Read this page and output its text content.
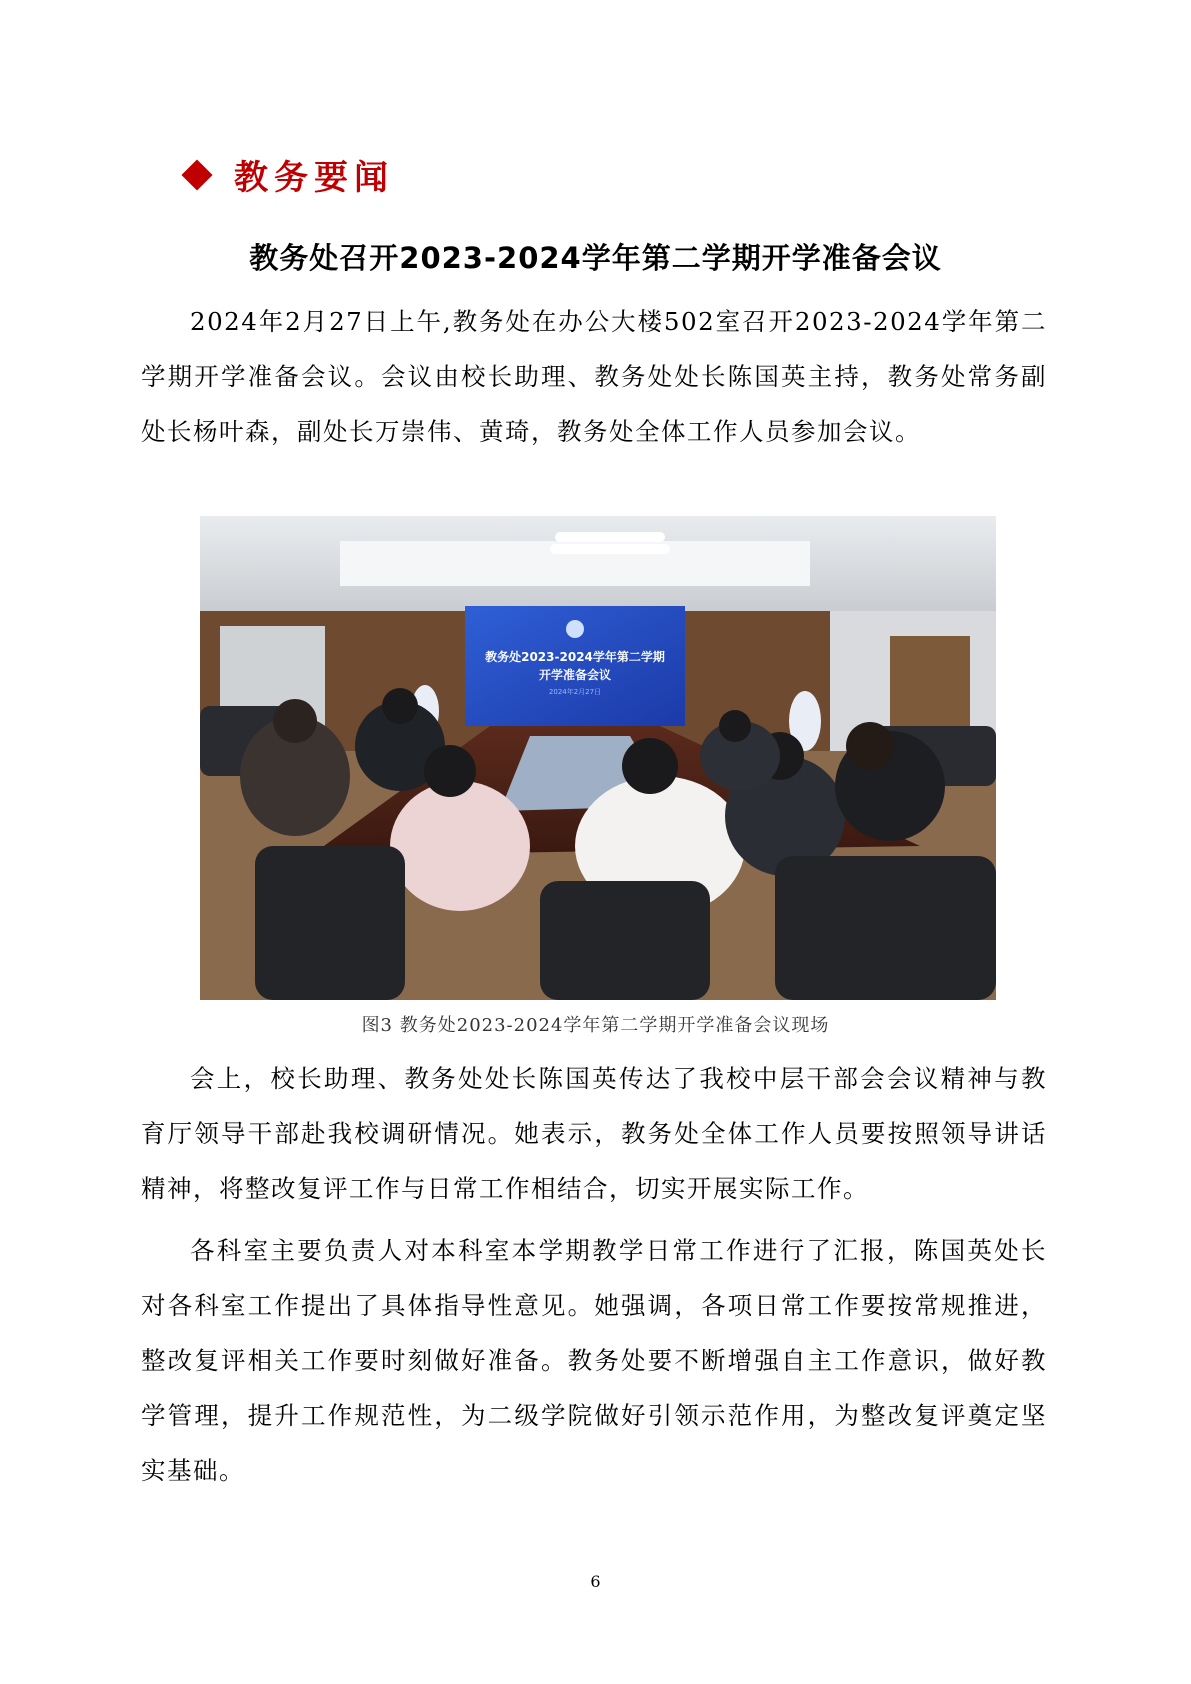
教务要闻
教务处召开2023-2024学年第二学期开学准备会议

2024年2月27日上午,教务处在办公大楼502室召开2023-2024学年第二学期开学准备会议。会议由校长助理、教务处处长陈国英主持，教务处常务副处长杨叶森，副处长万崇伟、黄琦，教务处全体工作人员参加会议。

教务处2023-2024学年第二学期
开学准备会议
2024年2月27日
图3 教务处2023-2024学年第二学期开学准备会议现场

会上，校长助理、教务处处长陈国英传达了我校中层干部会会议精神与教育厅领导干部赴我校调研情况。她表示，教务处全体工作人员要按照领导讲话精神，将整改复评工作与日常工作相结合，切实开展实际工作。

各科室主要负责人对本科室本学期教学日常工作进行了汇报，陈国英处长对各科室工作提出了具体指导性意见。她强调，各项日常工作要按常规推进，整改复评相关工作要时刻做好准备。教务处要不断增强自主工作意识，做好教学管理，提升工作规范性，为二级学院做好引领示范作用，为整改复评奠定坚实基础。

6
